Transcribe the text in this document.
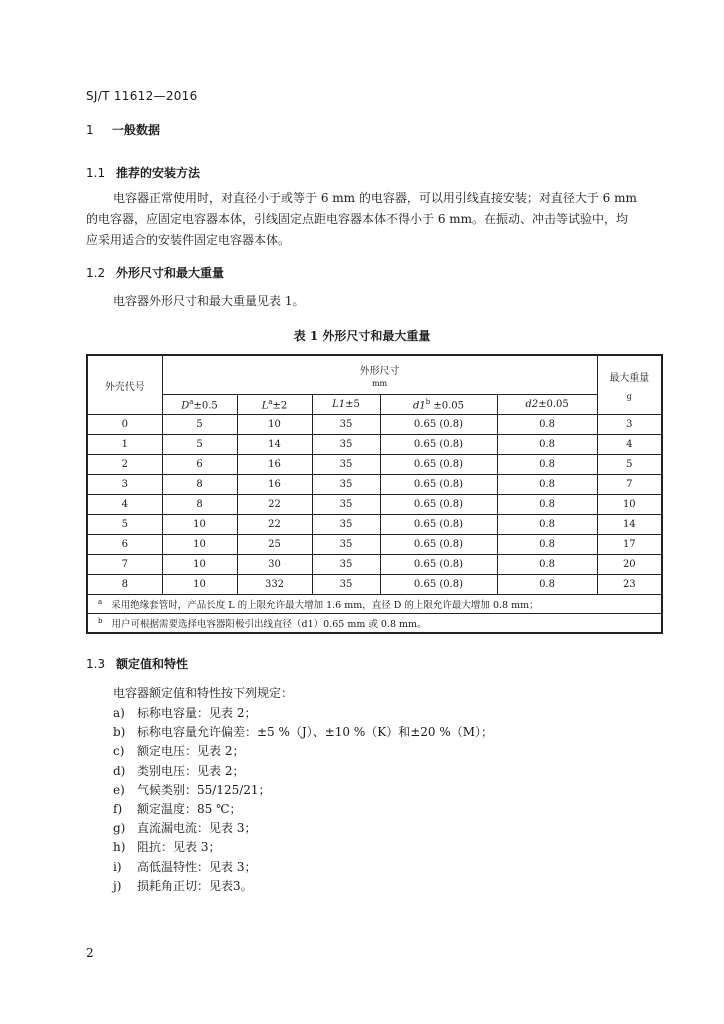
SJ/T 11612—2016
1 一般数据
1.1 推荐的安装方法
电容器正常使用时，对直径小于或等于 6 mm 的电容器，可以用引线直接安装；对直径大于 6 mm
的电容器，应固定电容器本体，引线固定点距电容器本体不得小于 6 mm。在振动、冲击等试验中，均
应采用适合的安装件固定电容器本体。
1.2 外形尺寸和最大重量
电容器外形尺寸和最大重量见表 1。
表 1 外形尺寸和最大重量
外壳代号	外形尺寸
mm					最大重量
g

	$D^a\pm 0.5$	$L^a\pm 2$	L1±5	$d1^b \pm 0.05$	d2±0.05	
0	5	10	35	0.65 (0.8)	0.8	3
1	5	14	35	0.65 (0.8)	0.8	4
2	6	16	35	0.65 (0.8)	0.8	5
3	8	16	35	0.65 (0.8)	0.8	7
4	8	22	35	0.65 (0.8)	0.8	10
5	10	22	35	0.65 (0.8)	0.8	14
6	10	25	35	0.65 (0.8)	0.8	17
7	10	30	35	0.65 (0.8)	0.8	20
8	10	332	35	0.65 (0.8)	0.8	23
$^a$ 采用绝缘套管时，产品长度 L 的上限允许最大增加 1.6 mm，直径 D 的上限允许最大增加 0.8 mm；						
$^b$ 用户可根据需要选择电容器阳极引出线直径（d1）0.65 mm 或 0.8 mm。						
1.3 额定值和特性
电容器额定值和特性按下列规定：
a) 标称电容量：见表 2；
b) 标称电容量允许偏差：±5 %（J）、±10 %（K）和±20 %（M）；
c) 额定电压：见表 2；
d) 类别电压：见表 2；
e) 气候类别：55/125/21；
f) 额定温度：85 ℃；
g) 直流漏电流：见表 3；
h) 阻抗：见表 3；
i) 高低温特性：见表 3；
j) 损耗角正切：见表3。
2
